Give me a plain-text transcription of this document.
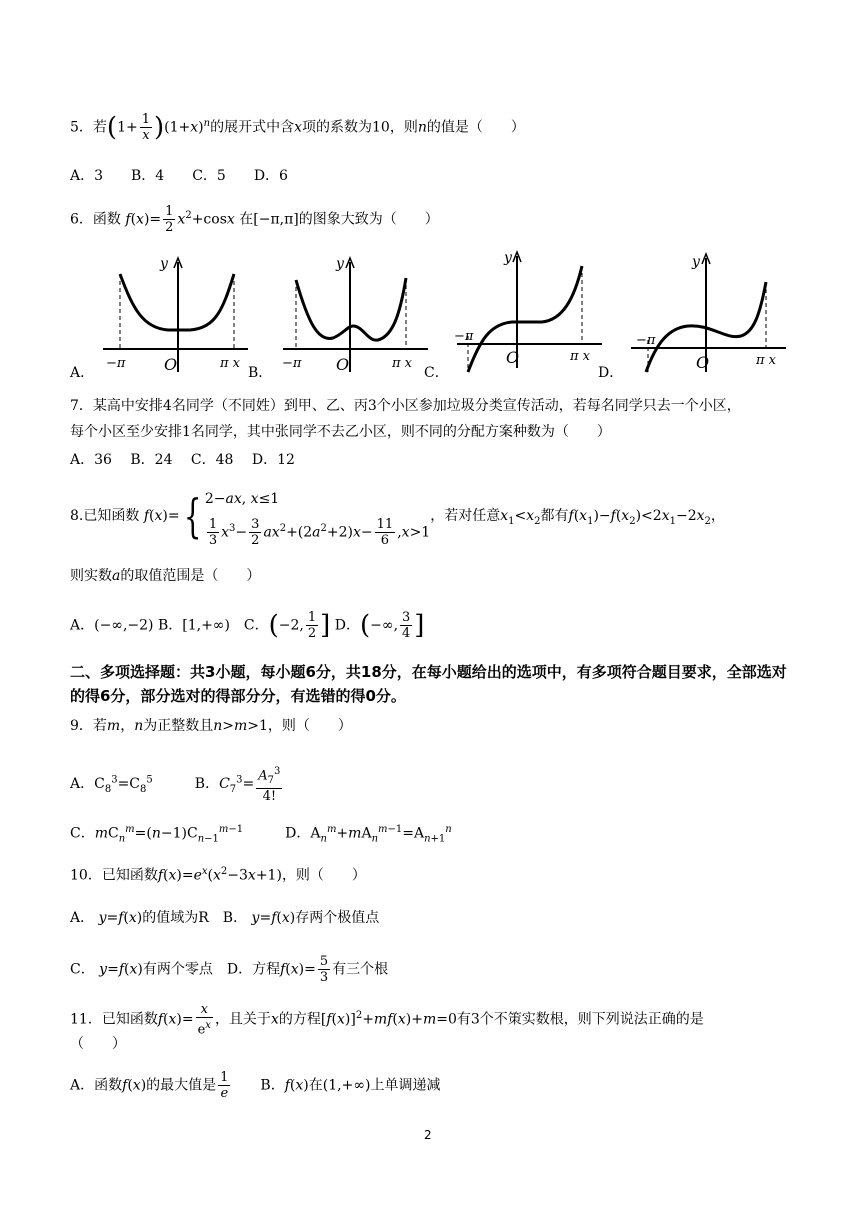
5．若$(1+ \frac{1}{x} )(1+x)^n$的展开式中含x项的系数为10，则n的值是（　　）
A．3　　B．4　　C．5　　D．6
6．函数 $f(x)= \frac{1}{2} x^2+\cos x$ 在[−π,π]的图象大致为（　　）
−π O	π x
y
A．
−π O	π x
y
B．
−π
O	π x
y
C．
−π
O	π x
y
D．
7．某高中安排4名同学（不同姓）到甲、乙、丙3个小区参加垃圾分类宣传活动，若每名同学只去一个小区，
每个小区至少安排1名同学，其中张同学不去乙小区，则不同的分配方案种数为（　　）
A．36　 B．24　 C．48　 D．12
8.已知函数 f(x)={ 2−ax, x≤1

$\frac{1}{3} x^3- \frac{3}{2} ax^2+(2a^2+2)x- \frac{11}{6} ,x>1$，若对任意$x_1<x_2$都有$f(x_1)-f(x_2)<2x_1-2x_2$，
则实数a的取值范围是（　　）
A．(−∞,−2) B．[1,+∞)　C．(−2, $\frac{1}{2}$ ] D．(−∞, $\frac{3}{4}$ ]
二、多项选择题：共3小题，每小题6分，共18分，在每小题给出的选项中，有多项符合题目要求，全部选对的得6分，部分选对的得部分分，有选错的得0分。
9．若m，n为正整数且n>m>1，则（　　）
A．$C_8^3=C_8^5$　　　B．$C_7^3= \frac{A_7^3}{4!}$
C．$mC_n^m=(n-1)C_{n-1}^{m-1}$　　　D．$A_n^m+mA_n^{m-1}=A_{n+1}^n$
10．已知函数$f(x)=e^x(x^2-3x+1)$，则（　　）
A． y=f(x)的值域为R　B． y=f(x)存两个极值点
C． y=f(x)有两个零点　D．方程$f(x)= \frac{5}{3}$ 有三个根
11．已知函数$f(x)= \frac{x}{e^x}$ ，且关于x的方程$[f(x)]^2+mf(x)+m=0$有3个不策实数根，则下列说法正确的是
（　　）
A．函数f(x)的最大值是 $\frac{1}{e}$ 　　B．f(x)在(1,+∞)上单调递减
2
